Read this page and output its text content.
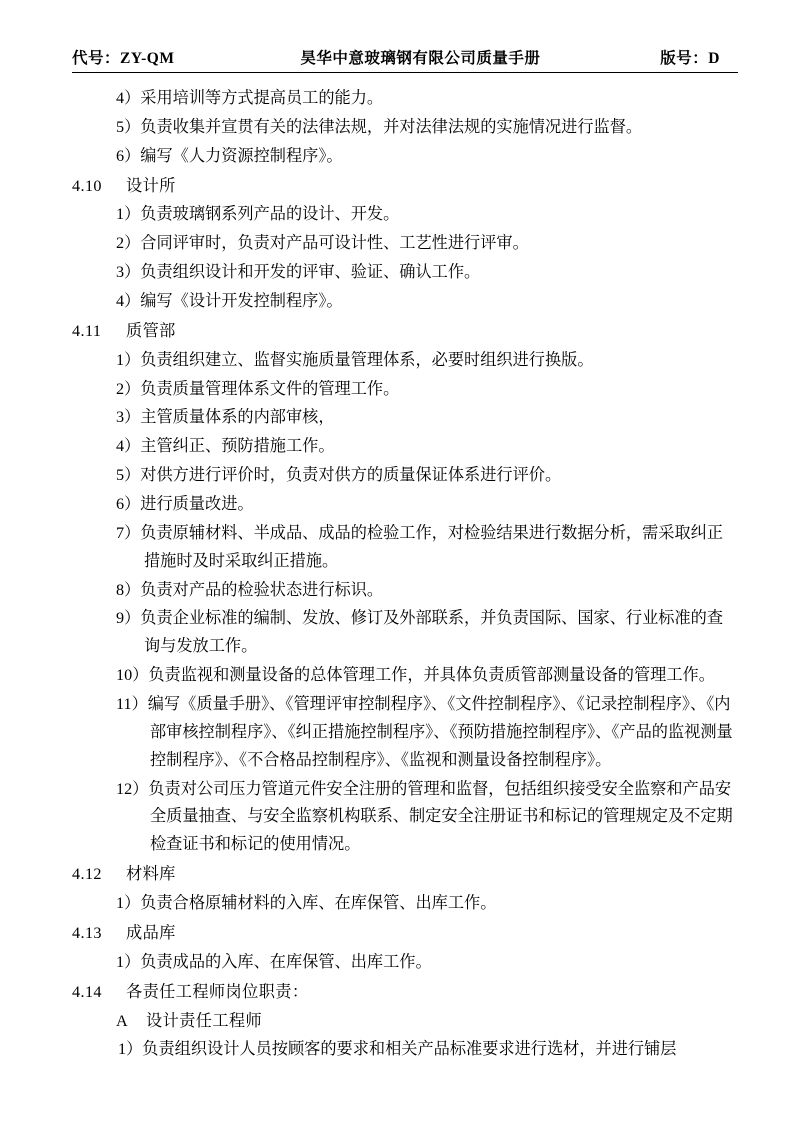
代号：ZY-QM	昊华中意玻璃钢有限公司质量手册	版号：D
4）采用培训等方式提高员工的能力。
5）负责收集并宣贯有关的法律法规，并对法律法规的实施情况进行监督。
6）编写《人力资源控制程序》。
4.10 设计所
1）负责玻璃钢系列产品的设计、开发。
2）合同评审时，负责对产品可设计性、工艺性进行评审。
3）负责组织设计和开发的评审、验证、确认工作。
4）编写《设计开发控制程序》。
4.11 质管部
1）负责组织建立、监督实施质量管理体系，必要时组织进行换版。
2）负责质量管理体系文件的管理工作。
3）主管质量体系的内部审核，
4）主管纠正、预防措施工作。
5）对供方进行评价时，负责对供方的质量保证体系进行评价。
6）进行质量改进。
7）负责原辅材料、半成品、成品的检验工作，对检验结果进行数据分析，需采取纠正措施时及时采取纠正措施。
8）负责对产品的检验状态进行标识。
9）负责企业标准的编制、发放、修订及外部联系，并负责国际、国家、行业标准的查询与发放工作。
10）负责监视和测量设备的总体管理工作，并具体负责质管部测量设备的管理工作。
11）编写《质量手册》、《管理评审控制程序》、《文件控制程序》、《记录控制程序》、《内部审核控制程序》、《纠正措施控制程序》、《预防措施控制程序》、《产品的监视测量控制程序》、《不合格品控制程序》、《监视和测量设备控制程序》。
12）负责对公司压力管道元件安全注册的管理和监督，包括组织接受安全监察和产品安全质量抽查、与安全监察机构联系、制定安全注册证书和标记的管理规定及不定期检查证书和标记的使用情况。
4.12 材料库
1）负责合格原辅材料的入库、在库保管、出库工作。
4.13 成品库
1）负责成品的入库、在库保管、出库工作。
4.14 各责任工程师岗位职责：
A 设计责任工程师
1）负责组织设计人员按顾客的要求和相关产品标准要求进行选材，并进行铺层
